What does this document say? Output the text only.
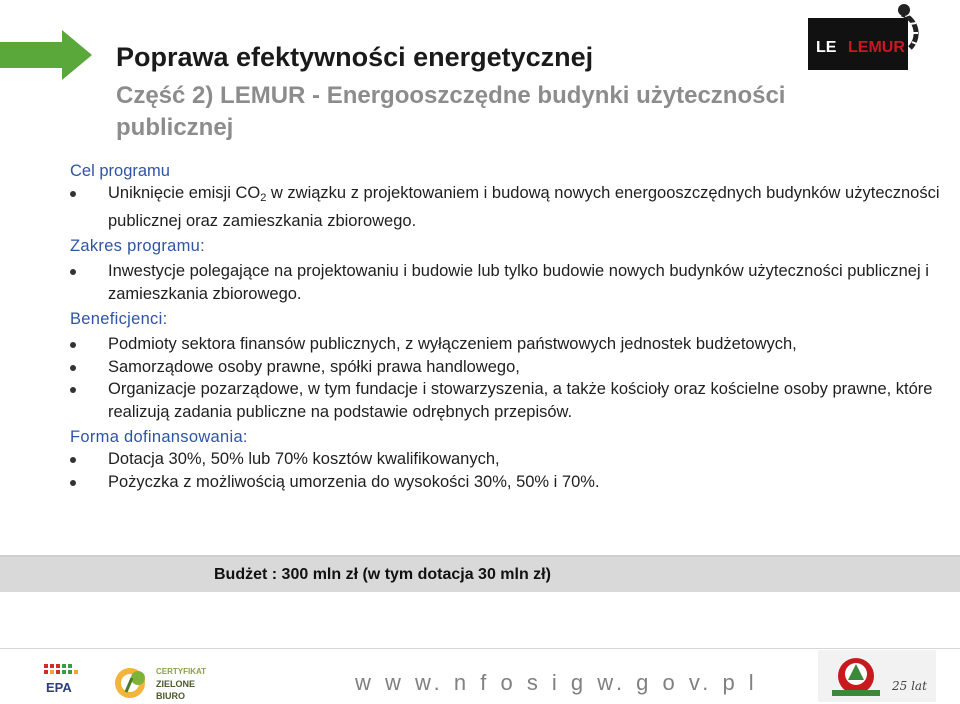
Poprawa efektywności energetycznej
Część 2) LEMUR - Energooszczędne budynki użyteczności publicznej
LE LEMUR
Cel programu
Uniknięcie emisji CO2 w związku z projektowaniem i budową nowych energooszczędnych budynków użyteczności publicznej oraz zamieszkania zbiorowego.
Zakres programu:
Inwestycje polegające na projektowaniu i budowie lub tylko budowie nowych budynków użyteczności publicznej i zamieszkania zbiorowego.
Beneficjenci:
Podmioty sektora finansów publicznych, z wyłączeniem państwowych jednostek budżetowych,
Samorządowe osoby prawne, spółki prawa handlowego,
Organizacje pozarządowe, w tym fundacje i stowarzyszenia, a także kościoły oraz kościelne osoby prawne, które realizują zadania publiczne na podstawie odrębnych przepisów.
Forma dofinansowania:
Dotacja 30%, 50% lub 70% kosztów kwalifikowanych,
Pożyczka z możliwością umorzenia do wysokości 30%, 50% i 70%.
Budżet : 300 mln zł (w tym dotacja 30 mln zł)
EPA
CERTYFIKAT
ZIELONE
BIURO
w w w. n f o s i g w. g o v. p l	25 lat
